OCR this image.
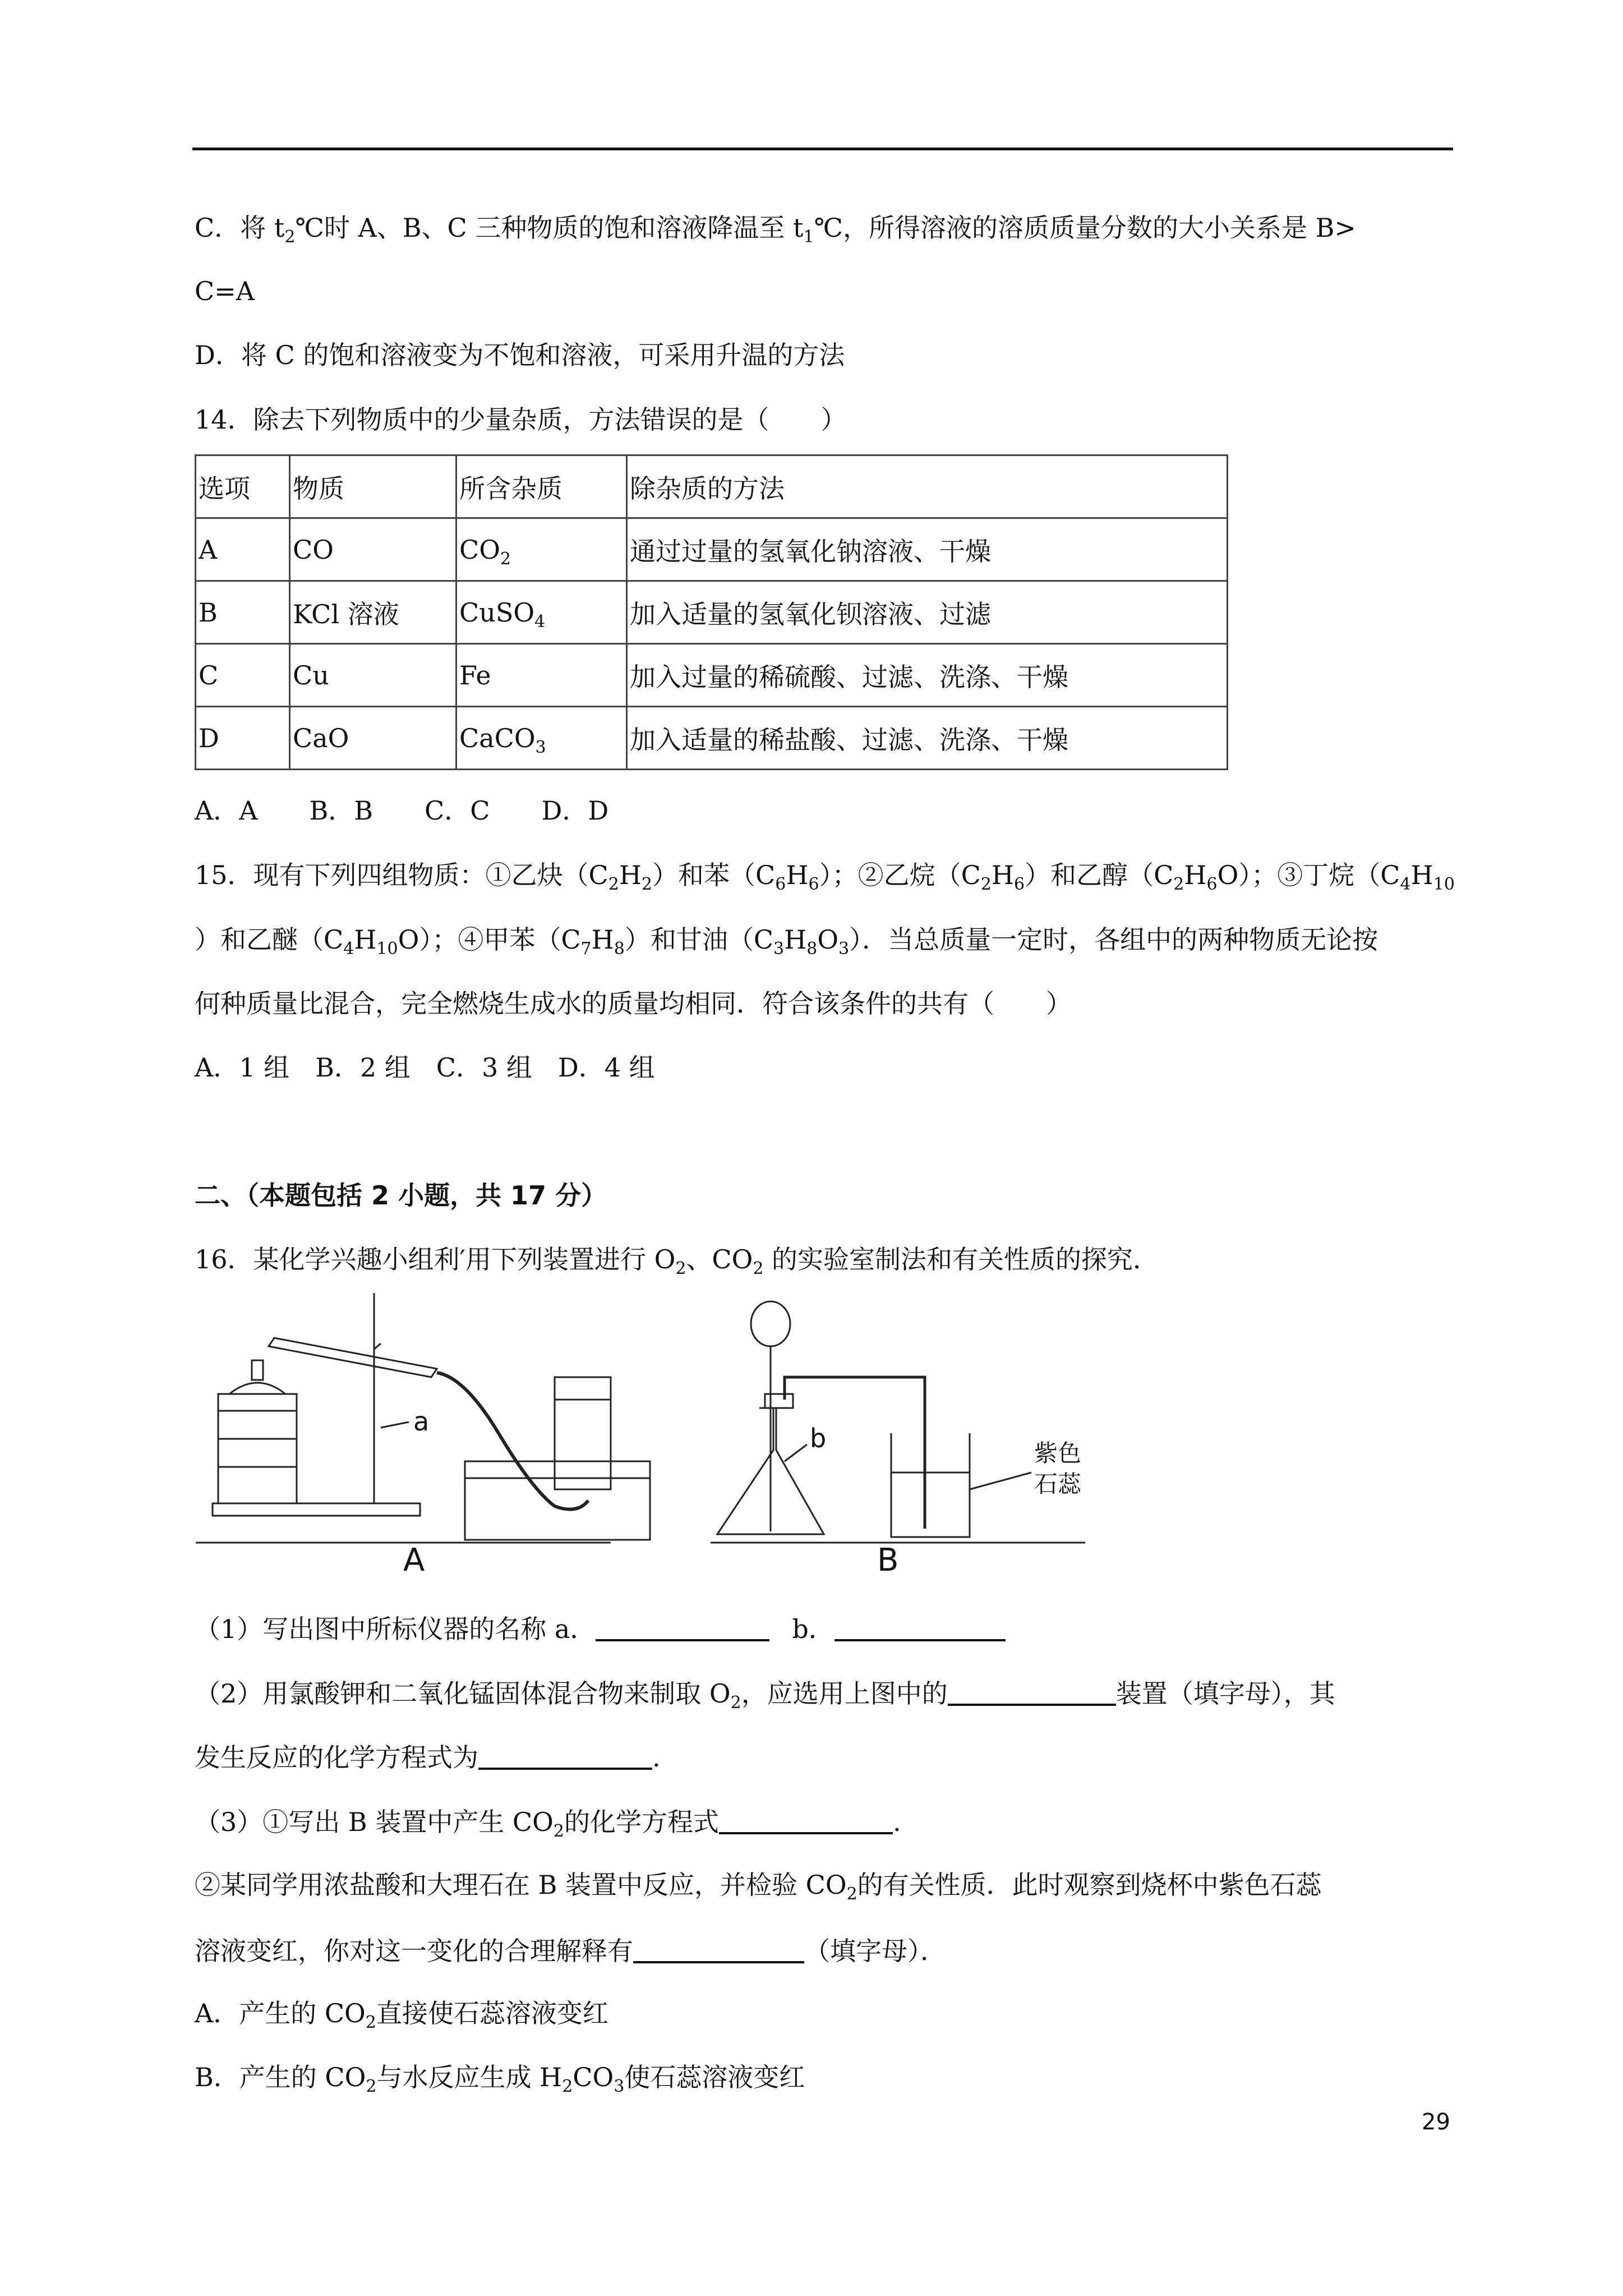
C．将 $t_2℃$时 A、B、C 三种物质的饱和溶液降温至 $t_1℃$，所得溶液的溶质质量分数的大小关系是 B>
C=A
D．将 C 的饱和溶液变为不饱和溶液，可采用升温的方法
14．除去下列物质中的少量杂质，方法错误的是（　　）
选项	物质	所含杂质	除杂质的方法
A	CO	$CO_2$	通过过量的氢氧化钠溶液、干燥
B	KCl 溶液	CuSO$_4$	加入适量的氢氧化钡溶液、过滤
C	Cu	Fe	加入过量的稀硫酸、过滤、洗涤、干燥
D	CaO	CaCO$_3$	加入适量的稀盐酸、过滤、洗涤、干燥
A．A　　B．B　　C．C　　D．D
15．现有下列四组物质：①乙炔$(C_2H_2)$和苯$(C_6H_6)$；②乙烷$(C_2H_6)$和乙醇$(C_2H_6O)$；③丁烷（$C_4H_{10}$
）和乙醚$(C_4H_{10}O)$；④甲苯$(C_7H_8)$和甘油$(C_3H_8O_3)$．当总质量一定时，各组中的两种物质无论按
何种质量比混合，完全燃烧生成水的质量均相同．符合该条件的共有（　　）
A．1 组　B．2 组　C．3 组　D．4 组
二、（本题包括 2 小题，共 17 分）
16．某化学兴趣小组利′用下列装置进行 $O_2$、$CO_2$ 的实验室制法和有关性质的探究．
a
A
b	紫色
石蕊
B
（1）写出图中所标仪器的名称 a．	b．
（2）用氯酸钾和二氧化锰固体混合物来制取 $O_2$，应选用上图中的	装置（填字母），其
发生反应的化学方程式为	.
（3）①写出 B 装置中产生 $CO_2$的化学方程式	.
②某同学用浓盐酸和大理石在 B 装置中反应，并检验 $CO_2$的有关性质．此时观察到烧杯中紫色石蕊
溶液变红，你对这一变化的合理解释有	（填字母）．
A．产生的 $CO_2$直接使石蕊溶液变红
B．产生的 $CO_2$与水反应生成 $H_2CO_3$使石蕊溶液变红
29
